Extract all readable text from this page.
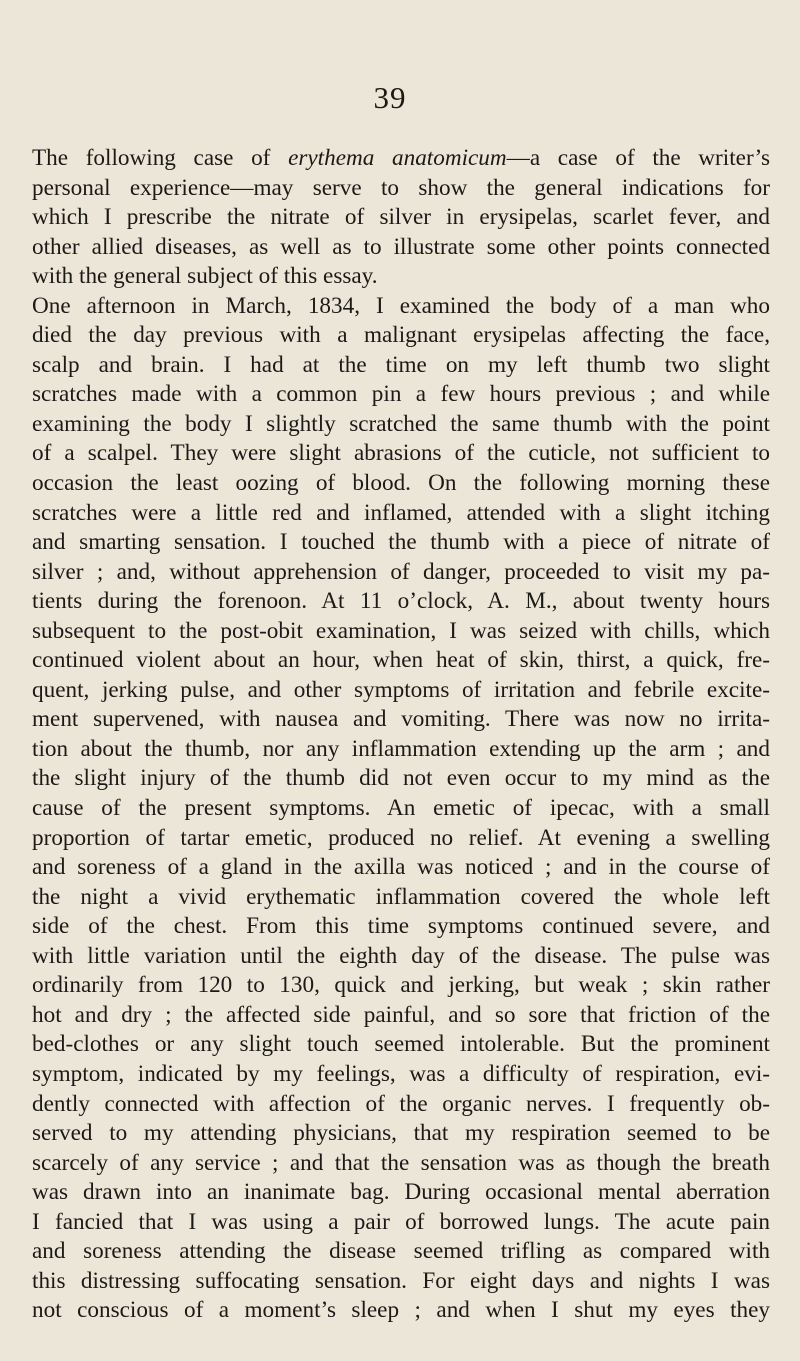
39
The following case of erythema anatomicum—a case of the writer’s
personal experience—may serve to show the general indications for
which I prescribe the nitrate of silver in erysipelas, scarlet fever, and
other allied diseases, as well as to illustrate some other points connected
with the general subject of this essay.
One afternoon in March, 1834, I examined the body of a man who
died the day previous with a malignant erysipelas affecting the face,
scalp and brain. I had at the time on my left thumb two slight
scratches made with a common pin a few hours previous ; and while
examining the body I slightly scratched the same thumb with the point
of a scalpel. They were slight abrasions of the cuticle, not sufficient to
occasion the least oozing of blood. On the following morning these
scratches were a little red and inflamed, attended with a slight itching
and smarting sensation. I touched the thumb with a piece of nitrate of
silver ; and, without apprehension of danger, proceeded to visit my pa-
tients during the forenoon. At 11 o’clock, A. M., about twenty hours
subsequent to the post-obit examination, I was seized with chills, which
continued violent about an hour, when heat of skin, thirst, a quick, fre-
quent, jerking pulse, and other symptoms of irritation and febrile excite-
ment supervened, with nausea and vomiting. There was now no irrita-
tion about the thumb, nor any inflammation extending up the arm ; and
the slight injury of the thumb did not even occur to my mind as the
cause of the present symptoms. An emetic of ipecac, with a small
proportion of tartar emetic, produced no relief. At evening a swelling
and soreness of a gland in the axilla was noticed ; and in the course of
the night a vivid erythematic inflammation covered the whole left
side of the chest. From this time symptoms continued severe, and
with little variation until the eighth day of the disease. The pulse was
ordinarily from 120 to 130, quick and jerking, but weak ; skin rather
hot and dry ; the affected side painful, and so sore that friction of the
bed-clothes or any slight touch seemed intolerable. But the prominent
symptom, indicated by my feelings, was a difficulty of respiration, evi-
dently connected with affection of the organic nerves. I frequently ob-
served to my attending physicians, that my respiration seemed to be
scarcely of any service ; and that the sensation was as though the breath
was drawn into an inanimate bag. During occasional mental aberration
I fancied that I was using a pair of borrowed lungs. The acute pain
and soreness attending the disease seemed trifling as compared with
this distressing suffocating sensation. For eight days and nights I was
not conscious of a moment’s sleep ; and when I shut my eyes they
